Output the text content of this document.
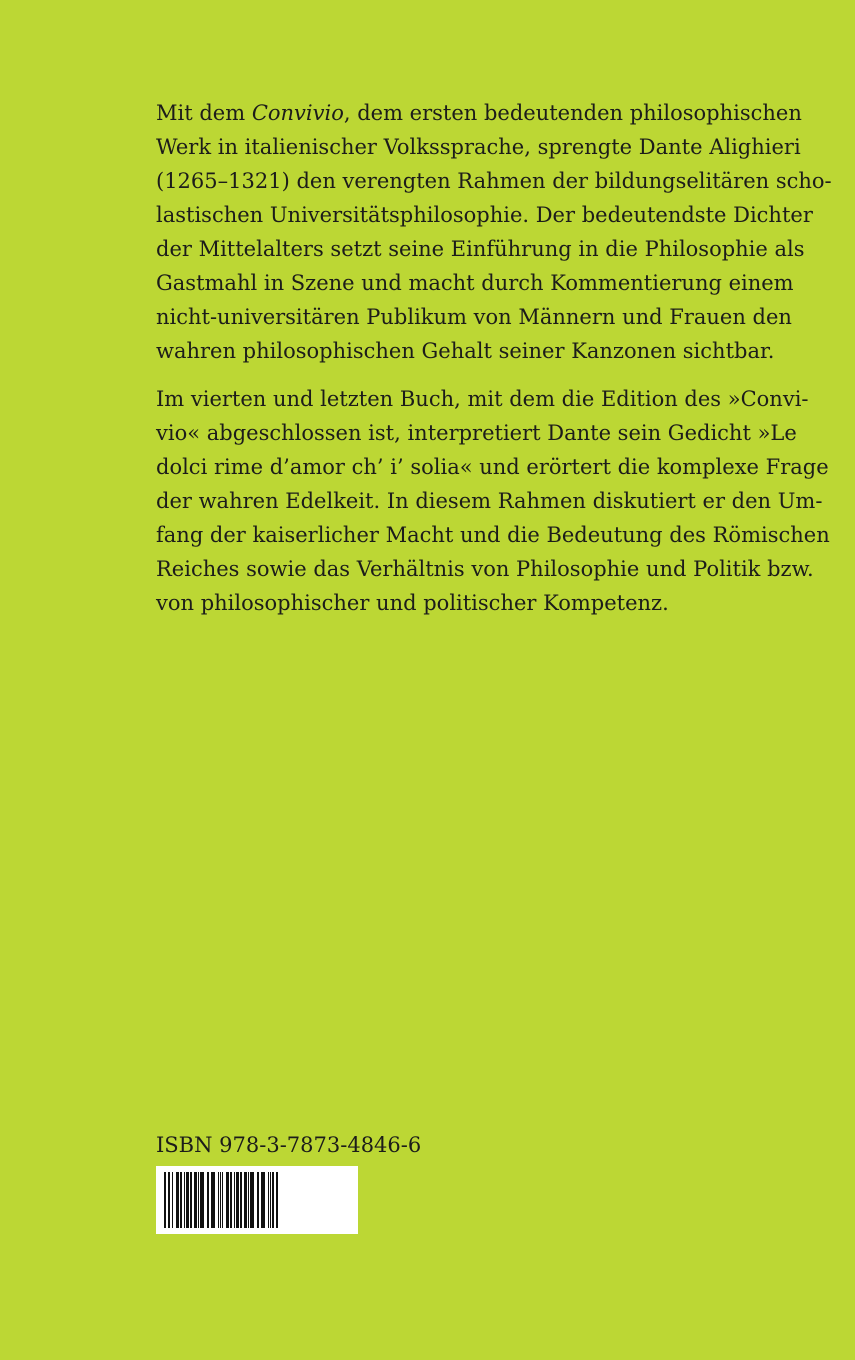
Mit dem Convivio, dem ersten bedeutenden philosophischen
Werk in italienischer Volkssprache, sprengte Dante Alighieri
(1265–1321) den verengten Rahmen der bildungselitären scho-
lastischen Universitätsphilosophie. Der bedeutendste Dichter
der Mittelalters setzt seine Einführung in die Philosophie als
Gastmahl in Szene und macht durch Kommentierung einem
nicht-universitären Publikum von Männern und Frauen den
wahren philosophischen Gehalt seiner Kanzonen sichtbar.

Im vierten und letzten Buch, mit dem die Edition des »Convi-
vio« abgeschlossen ist, interpretiert Dante sein Gedicht »Le
dolci rime d’amor ch’ i’ solia« und erörtert die komplexe Frage
der wahren Edelkeit. In diesem Rahmen diskutiert er den Um-
fang der kaiserlicher Macht und die Bedeutung des Römischen
Reiches sowie das Verhältnis von Philosophie und Politik bzw.
von philosophischer und politischer Kompetenz.

ISBN 978-3-7873-4846-6
